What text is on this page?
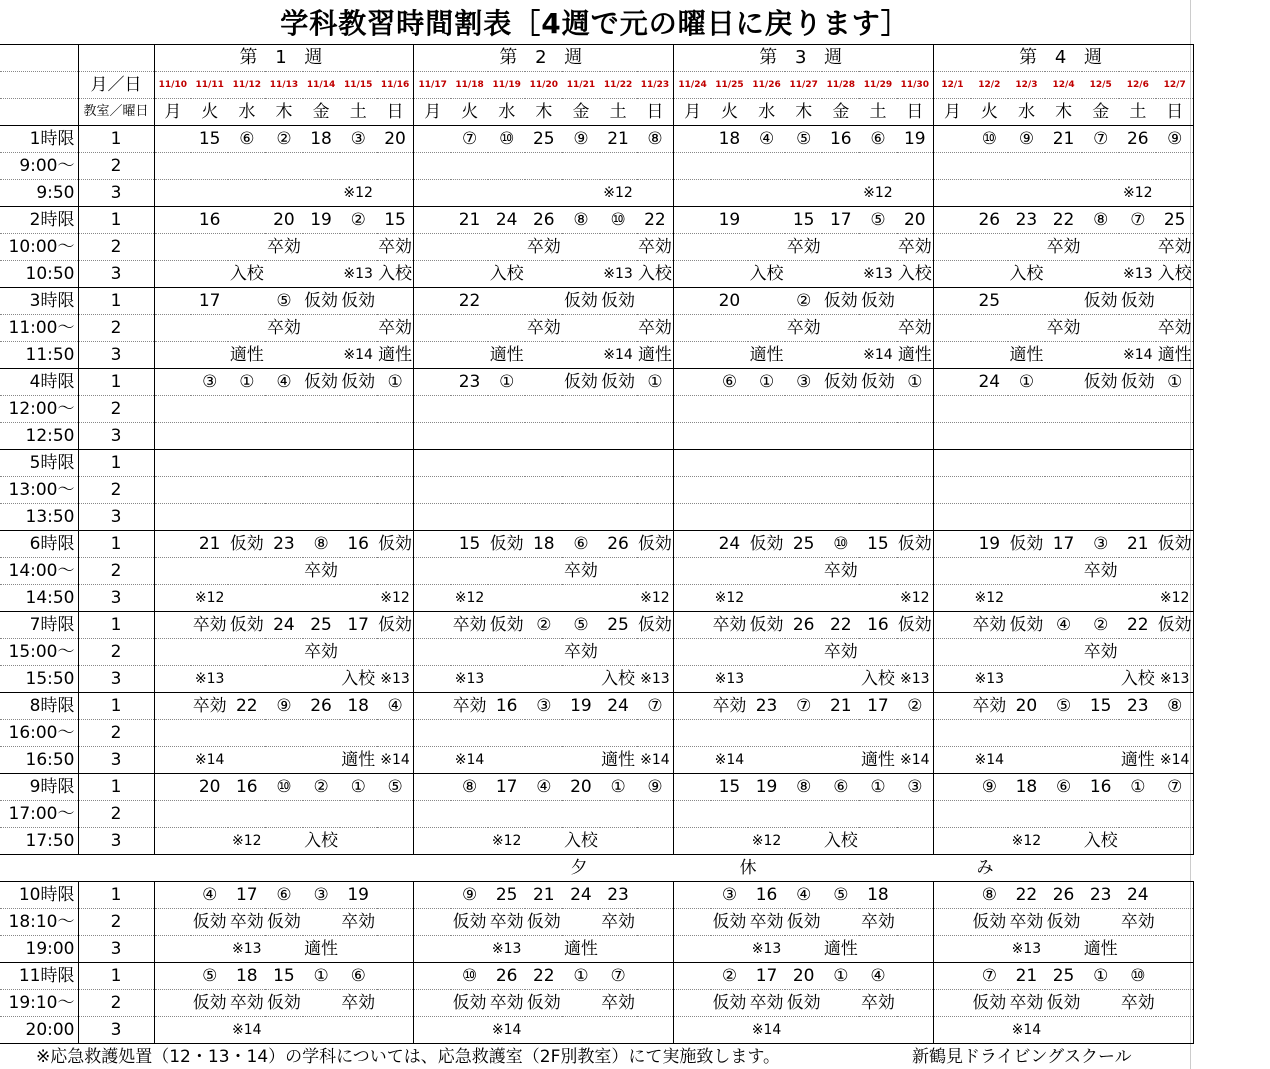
学科教習時間割表［4週で元の曜日に戻ります］
		第 1 週							第 2 週							第 3 週							第 4 週						
	月／日	11/10	11/11	11/12	11/13	11/14	11/15	11/16	11/17	11/18	11/19	11/20	11/21	11/22	11/23	11/24	11/25	11/26	11/27	11/28	11/29	11/30	12/1	12/2	12/3	12/4	12/5	12/6	12/7
	教室／曜日	月	火	水	木	金	土	日	月	火	水	木	金	土	日	月	火	水	木	金	土	日	月	火	水	木	金	土	日
1時限	1		15	⑥	②	18	③	20		⑦	⑩	25	⑨	21	⑧		18	④	⑤	16	⑥	19		⑩	⑨	21	⑦	26	⑨
9:00～	2																												
9:50	3						※12							※12							※12							※12	
2時限	1		16		20	19	②	15		21	24	26	⑧	⑩	22		19		15	17	⑤	20		26	23	22	⑧	⑦	25
10:00～	2				卒効			卒効				卒効			卒効				卒効			卒効				卒効			卒効
10:50	3			入校			※13	入校			入校			※13	入校			入校			※13	入校			入校			※13	入校
3時限	1		17		⑤	仮効	仮効			22			仮効	仮効			20		②	仮効	仮効			25			仮効	仮効	
11:00～	2				卒効			卒効				卒効			卒効				卒効			卒効				卒効			卒効
11:50	3			適性			※14	適性			適性			※14	適性			適性			※14	適性			適性			※14	適性
4時限	1		③	①	④	仮効	仮効	①		23	①		仮効	仮効	①		⑥	①	③	仮効	仮効	①		24	①		仮効	仮効	①
12:00～	2																												
12:50	3																												
5時限	1																												
13:00～	2																												
13:50	3																												
6時限	1		21	仮効	23	⑧	16	仮効		15	仮効	18	⑥	26	仮効		24	仮効	25	⑩	15	仮効		19	仮効	17	③	21	仮効
14:00～	2					卒効							卒効							卒効							卒効		
14:50	3		※12					※12		※12					※12		※12					※12		※12					※12
7時限	1		卒効	仮効	24	25	17	仮効		卒効	仮効	②	⑤	25	仮効		卒効	仮効	26	22	16	仮効		卒効	仮効	④	②	22	仮効
15:00～	2					卒効							卒効							卒効							卒効		
15:50	3		※13				入校	※13		※13				入校	※13		※13				入校	※13		※13				入校	※13
8時限	1		卒効	22	⑨	26	18	④		卒効	16	③	19	24	⑦		卒効	23	⑦	21	17	②		卒効	20	⑤	15	23	⑧
16:00～	2																												
16:50	3		※14				適性	※14		※14				適性	※14		※14				適性	※14		※14				適性	※14
9時限	1		20	16	⑩	②	①	⑤		⑧	17	④	20	①	⑨		15	19	⑧	⑥	①	③		⑨	18	⑥	16	①	⑦
17:00～	2																												
17:50	3			※12		入校					※12		入校					※12		入校					※12		入校		
夕														休								み							
10時限	1		④	17	⑥	③	19			⑨	25	21	24	23			③	16	④	⑤	18			⑧	22	26	23	24	
18:10～	2		仮効	卒効	仮効		卒効			仮効	卒効	仮効		卒効			仮効	卒効	仮効		卒効			仮効	卒効	仮効		卒効	
19:00	3			※13		適性					※13		適性					※13		適性					※13		適性		
11時限	1		⑤	18	15	①	⑥			⑩	26	22	①	⑦			②	17	20	①	④			⑦	21	25	①	⑩	
19:10～	2		仮効	卒効	仮効		卒効			仮効	卒効	仮効		卒効			仮効	卒効	仮効		卒効			仮効	卒効	仮効		卒効	
20:00	3			※14							※14							※14							※14				
※応急救護処置（12・13・14）の学科については、応急救護室（2F別教室）にて実施致します。	新鶴見ドライビングスクール
